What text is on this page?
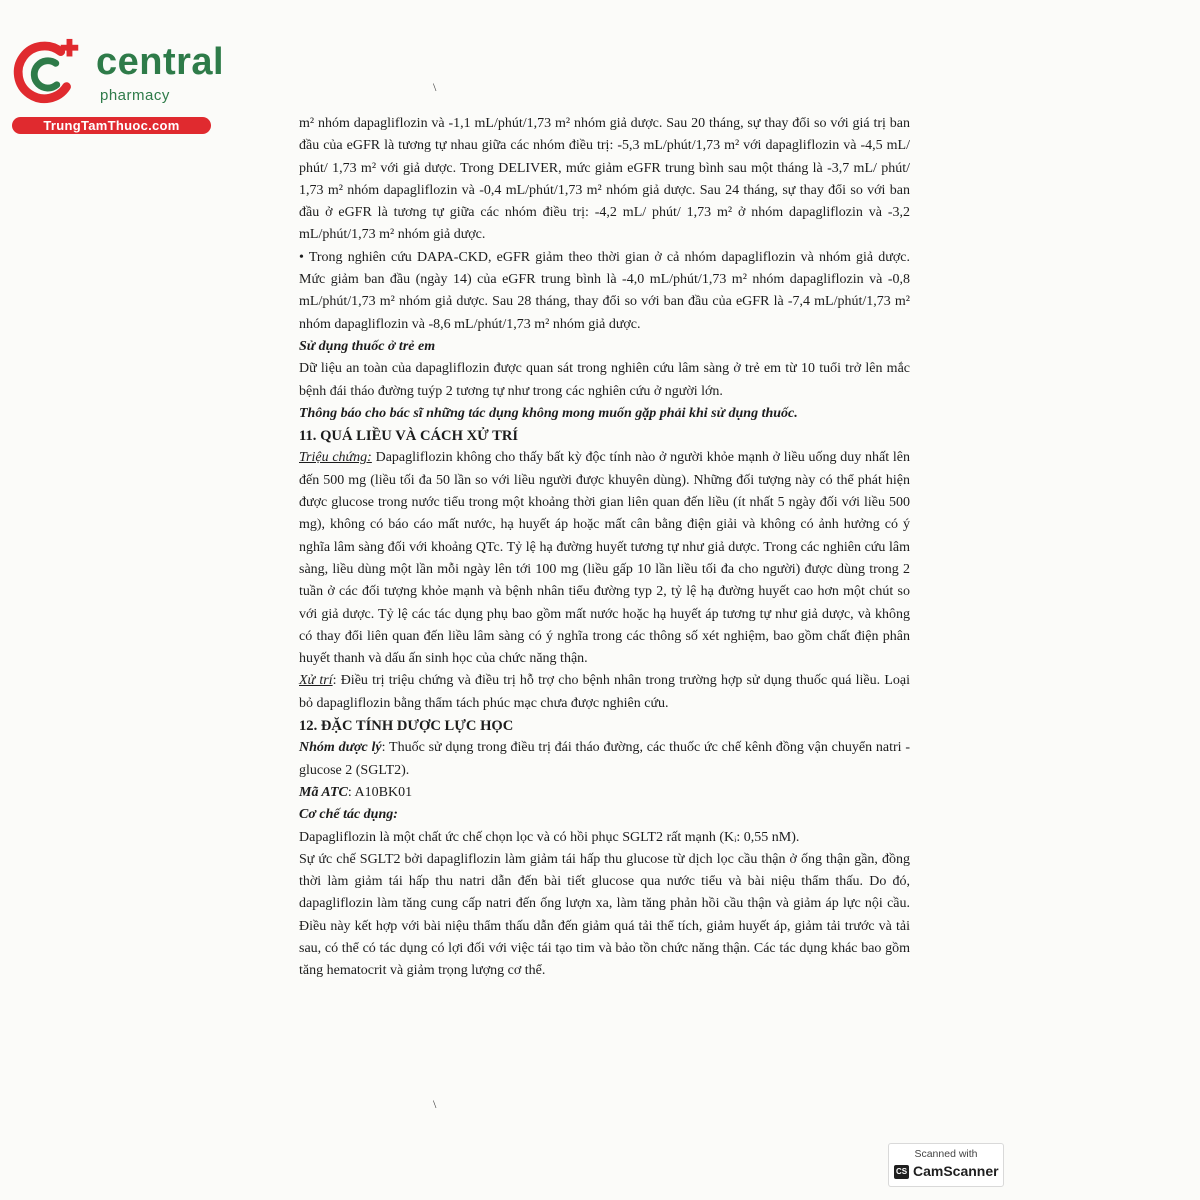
central
pharmacy
TrungTamThuoc.com
\
\

m² nhóm dapagliflozin và -1,1 mL/phút/1,73 m² nhóm giả dược. Sau 20 tháng, sự thay đổi so với giá trị ban đầu của eGFR là tương tự nhau giữa các nhóm điều trị: -5,3 mL/phút/1,73 m² với dapagliflozin và -4,5 mL/ phút/ 1,73 m² với giả dược. Trong DELIVER, mức giảm eGFR trung bình sau một tháng là -3,7 mL/ phút/ 1,73 m² nhóm dapagliflozin và -0,4 mL/phút/1,73 m² nhóm giả dược. Sau 24 tháng, sự thay đổi so với ban đầu ở eGFR là tương tự giữa các nhóm điều trị: -4,2 mL/ phút/ 1,73 m² ở nhóm dapagliflozin và -3,2 mL/phút/1,73 m² nhóm giả dược.

• Trong nghiên cứu DAPA-CKD, eGFR giảm theo thời gian ở cả nhóm dapagliflozin và nhóm giả dược. Mức giảm ban đầu (ngày 14) của eGFR trung bình là -4,0 mL/phút/1,73 m² nhóm dapagliflozin và -0,8 mL/phút/1,73 m² nhóm giả dược. Sau 28 tháng, thay đổi so với ban đầu của eGFR là -7,4 mL/phút/1,73 m² nhóm dapagliflozin và -8,6 mL/phút/1,73 m² nhóm giả dược.

Sử dụng thuốc ở trẻ em

Dữ liệu an toàn của dapagliflozin được quan sát trong nghiên cứu lâm sàng ở trẻ em từ 10 tuổi trở lên mắc bệnh đái tháo đường tuýp 2 tương tự như trong các nghiên cứu ở người lớn.

Thông báo cho bác sĩ những tác dụng không mong muốn gặp phải khi sử dụng thuốc.

11. QUÁ LIỀU VÀ CÁCH XỬ TRÍ

Triệu chứng: Dapagliflozin không cho thấy bất kỳ độc tính nào ở người khỏe mạnh ở liều uống duy nhất lên đến 500 mg (liều tối đa 50 lần so với liều người được khuyên dùng). Những đối tượng này có thể phát hiện được glucose trong nước tiểu trong một khoảng thời gian liên quan đến liều (ít nhất 5 ngày đối với liều 500 mg), không có báo cáo mất nước, hạ huyết áp hoặc mất cân bằng điện giải và không có ảnh hưởng có ý nghĩa lâm sàng đối với khoảng QTc. Tỷ lệ hạ đường huyết tương tự như giả dược. Trong các nghiên cứu lâm sàng, liều dùng một lần mỗi ngày lên tới 100 mg (liều gấp 10 lần liều tối đa cho người) được dùng trong 2 tuần ở các đối tượng khỏe mạnh và bệnh nhân tiểu đường typ 2, tỷ lệ hạ đường huyết cao hơn một chút so với giả dược. Tỷ lệ các tác dụng phụ bao gồm mất nước hoặc hạ huyết áp tương tự như giả dược, và không có thay đổi liên quan đến liều lâm sàng có ý nghĩa trong các thông số xét nghiệm, bao gồm chất điện phân huyết thanh và dấu ấn sinh học của chức năng thận.

Xử trí: Điều trị triệu chứng và điều trị hỗ trợ cho bệnh nhân trong trường hợp sử dụng thuốc quá liều. Loại bỏ dapagliflozin bằng thẩm tách phúc mạc chưa được nghiên cứu.

12. ĐẶC TÍNH DƯỢC LỰC HỌC

Nhóm dược lý: Thuốc sử dụng trong điều trị đái tháo đường, các thuốc ức chế kênh đồng vận chuyển natri - glucose 2 (SGLT2).

Mã ATC: A10BK01

Cơ chế tác dụng:

Dapagliflozin là một chất ức chế chọn lọc và có hồi phục SGLT2 rất mạnh (Kᵢ: 0,55 nM).

Sự ức chế SGLT2 bởi dapagliflozin làm giảm tái hấp thu glucose từ dịch lọc cầu thận ở ống thận gần, đồng thời làm giảm tái hấp thu natri dẫn đến bài tiết glucose qua nước tiểu và bài niệu thẩm thấu. Do đó, dapagliflozin làm tăng cung cấp natri đến ống lượn xa, làm tăng phản hồi cầu thận và giảm áp lực nội cầu. Điều này kết hợp với bài niệu thẩm thấu dẫn đến giảm quá tải thể tích, giảm huyết áp, giảm tải trước và tải sau, có thể có tác dụng có lợi đối với việc tái tạo tim và bảo tồn chức năng thận. Các tác dụng khác bao gồm tăng hematocrit và giảm trọng lượng cơ thể.

Scanned with
CS CamScanner
